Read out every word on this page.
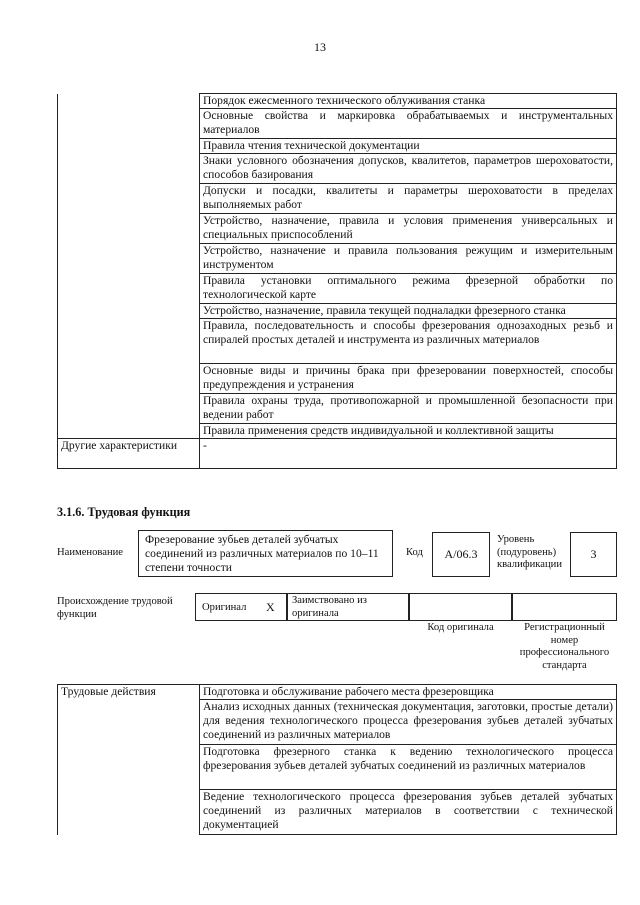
13
	Порядок ежесменного технического облуживания станка
	Основные свойства и маркировка обрабатываемых и инструментальных материалов
	Правила чтения технической документации
	Знаки условного обозначения допусков, квалитетов, параметров шероховатости, способов базирования
	Допуски и посадки, квалитеты и параметры шероховатости в пределах выполняемых работ
	Устройство, назначение, правила и условия применения универсальных и специальных приспособлений
	Устройство, назначение и правила пользования режущим и измерительным инструментом
	Правила установки оптимального режима фрезерной обработки по технологической карте
	Устройство, назначение, правила текущей подналадки фрезерного станка
	Правила, последовательность и способы фрезерования однозаходных резьб и спиралей простых деталей и инструмента из различных материалов
	Основные виды и причины брака при фрезеровании поверхностей, способы предупреждения и устранения
	Правила охраны труда, противопожарной и промышленной безопасности при ведении работ
	Правила применения средств индивидуальной и коллективной защиты
Другие характеристики	-
3.1.6. Трудовая функция
Наименование
Фрезерование зубьев деталей зубчатых соединений из различных материалов по 10–11 степени точности
Код A/06.3
Уровень (подуровень) квалификации
3
Происхождение трудовой функции
Оригинал X	Заимствовано из оригинала
Код оригинала	Регистрационный номер профессионального стандарта
Трудовые действия	Подготовка и обслуживание рабочего места фрезеровщика
Анализ исходных данных (техническая документация, заготовки, простые детали) для ведения технологического процесса фрезерования зубьев деталей зубчатых соединений из различных материалов
Подготовка фрезерного станка к ведению технологического процесса фрезерования зубьев деталей зубчатых соединений из различных материалов
Ведение технологического процесса фрезерования зубьев деталей зубчатых соединений из различных материалов в соответствии с технической документацией
